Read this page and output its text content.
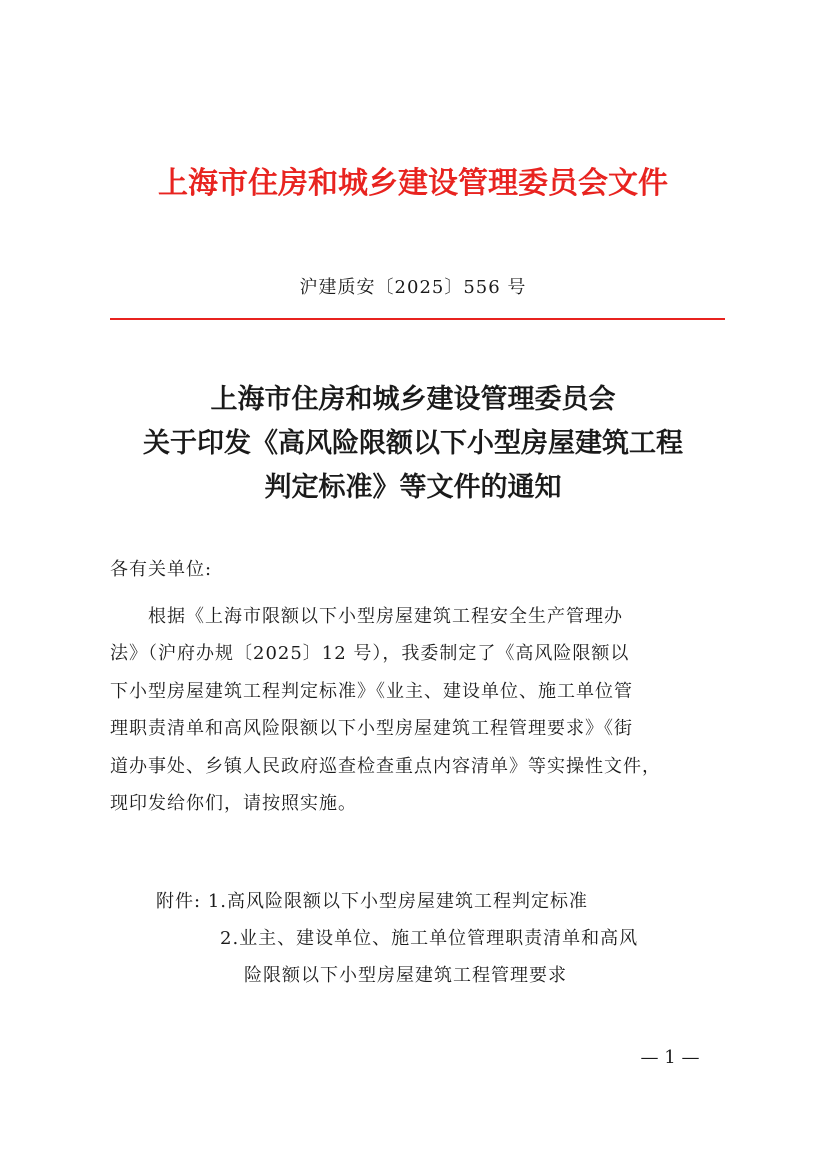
上海市住房和城乡建设管理委员会文件
沪建质安〔2025〕556 号
上海市住房和城乡建设管理委员会
关于印发《高风险限额以下小型房屋建筑工程
判定标准》等文件的通知
各有关单位:
根据《上海市限额以下小型房屋建筑工程安全生产管理办
法》（沪府办规〔2025〕12 号），我委制定了《高风险限额以
下小型房屋建筑工程判定标准》《业主、建设单位、施工单位管
理职责清单和高风险限额以下小型房屋建筑工程管理要求》《街
道办事处、乡镇人民政府巡查检查重点内容清单》等实操性文件，
现印发给你们，请按照实施。
附件: 1.高风险限额以下小型房屋建筑工程判定标准
2.业主、建设单位、施工单位管理职责清单和高风
险限额以下小型房屋建筑工程管理要求
— 1 —
